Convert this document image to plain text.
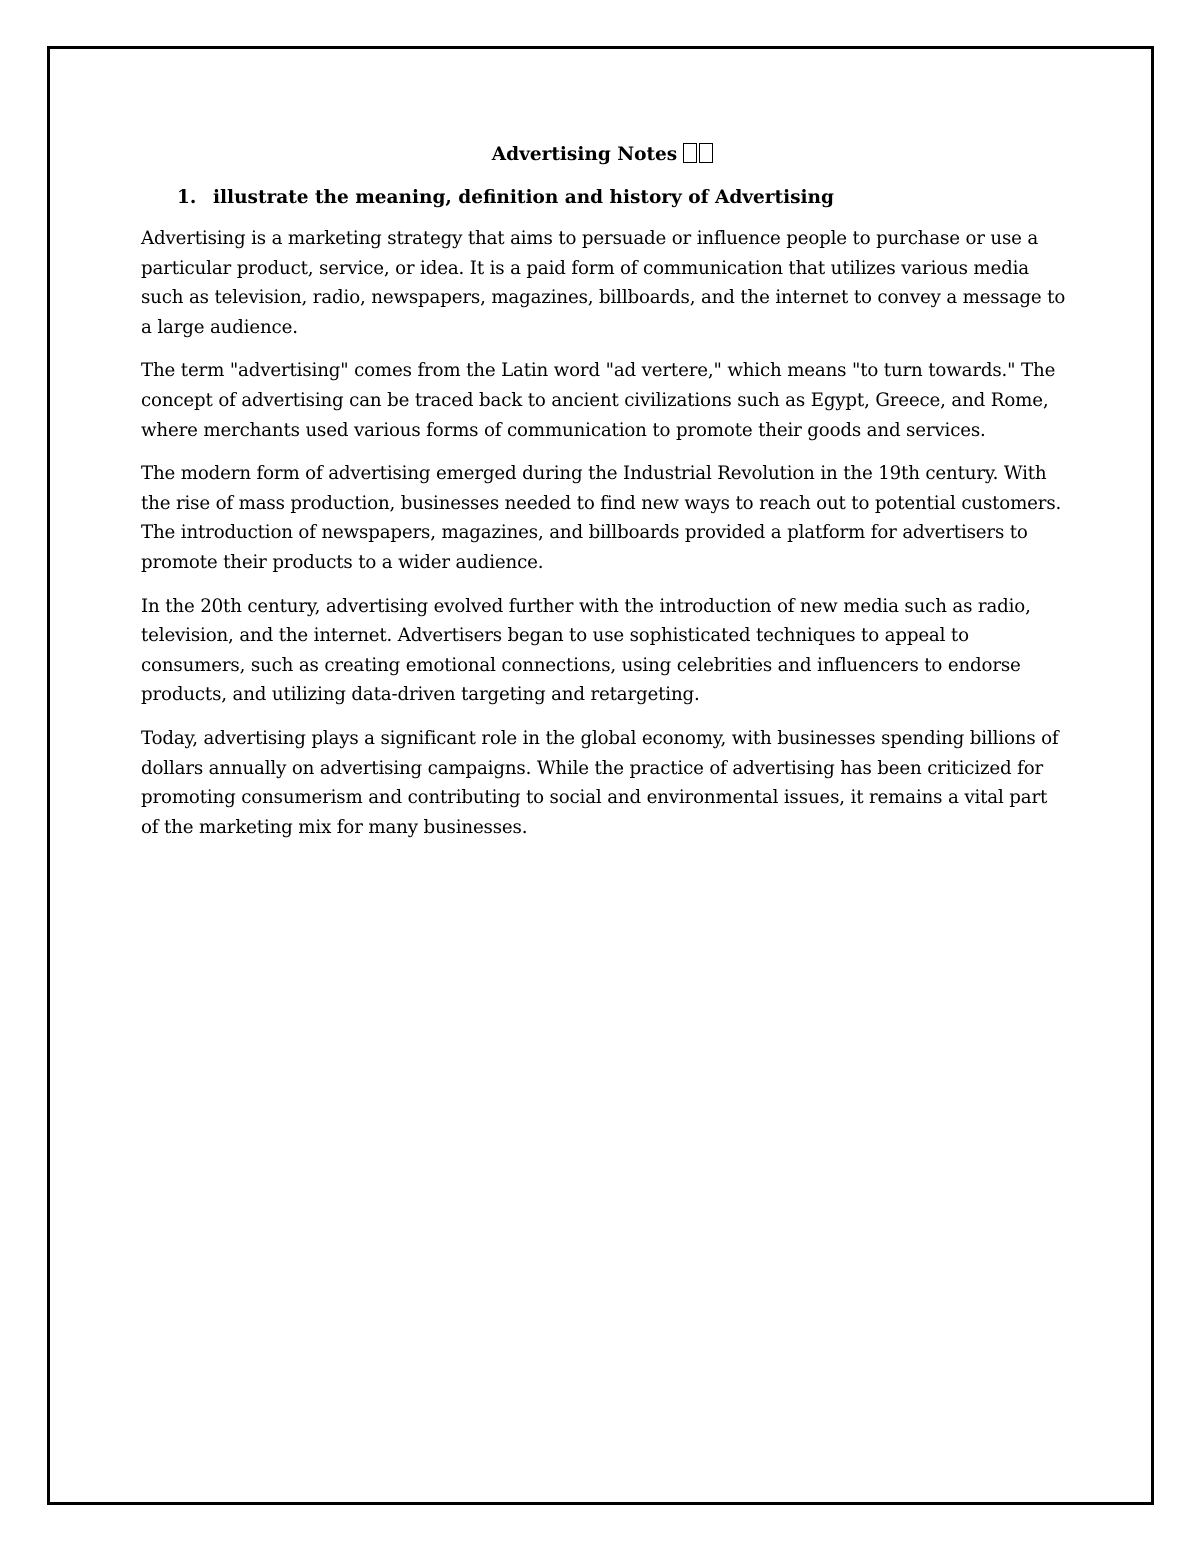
Advertising Notes
1. illustrate the meaning, definition and history of Advertising

Advertising is a marketing strategy that aims to persuade or influence people to purchase or use a particular product, service, or idea. It is a paid form of communication that utilizes various media such as television, radio, newspapers, magazines, billboards, and the internet to convey a message to a large audience.

The term "advertising" comes from the Latin word "ad vertere," which means "to turn towards." The concept of advertising can be traced back to ancient civilizations such as Egypt, Greece, and Rome, where merchants used various forms of communication to promote their goods and services.

The modern form of advertising emerged during the Industrial Revolution in the 19th century. With the rise of mass production, businesses needed to find new ways to reach out to potential customers. The introduction of newspapers, magazines, and billboards provided a platform for advertisers to promote their products to a wider audience.

In the 20th century, advertising evolved further with the introduction of new media such as radio, television, and the internet. Advertisers began to use sophisticated techniques to appeal to consumers, such as creating emotional connections, using celebrities and influencers to endorse products, and utilizing data-driven targeting and retargeting.

Today, advertising plays a significant role in the global economy, with businesses spending billions of dollars annually on advertising campaigns. While the practice of advertising has been criticized for promoting consumerism and contributing to social and environmental issues, it remains a vital part of the marketing mix for many businesses.
